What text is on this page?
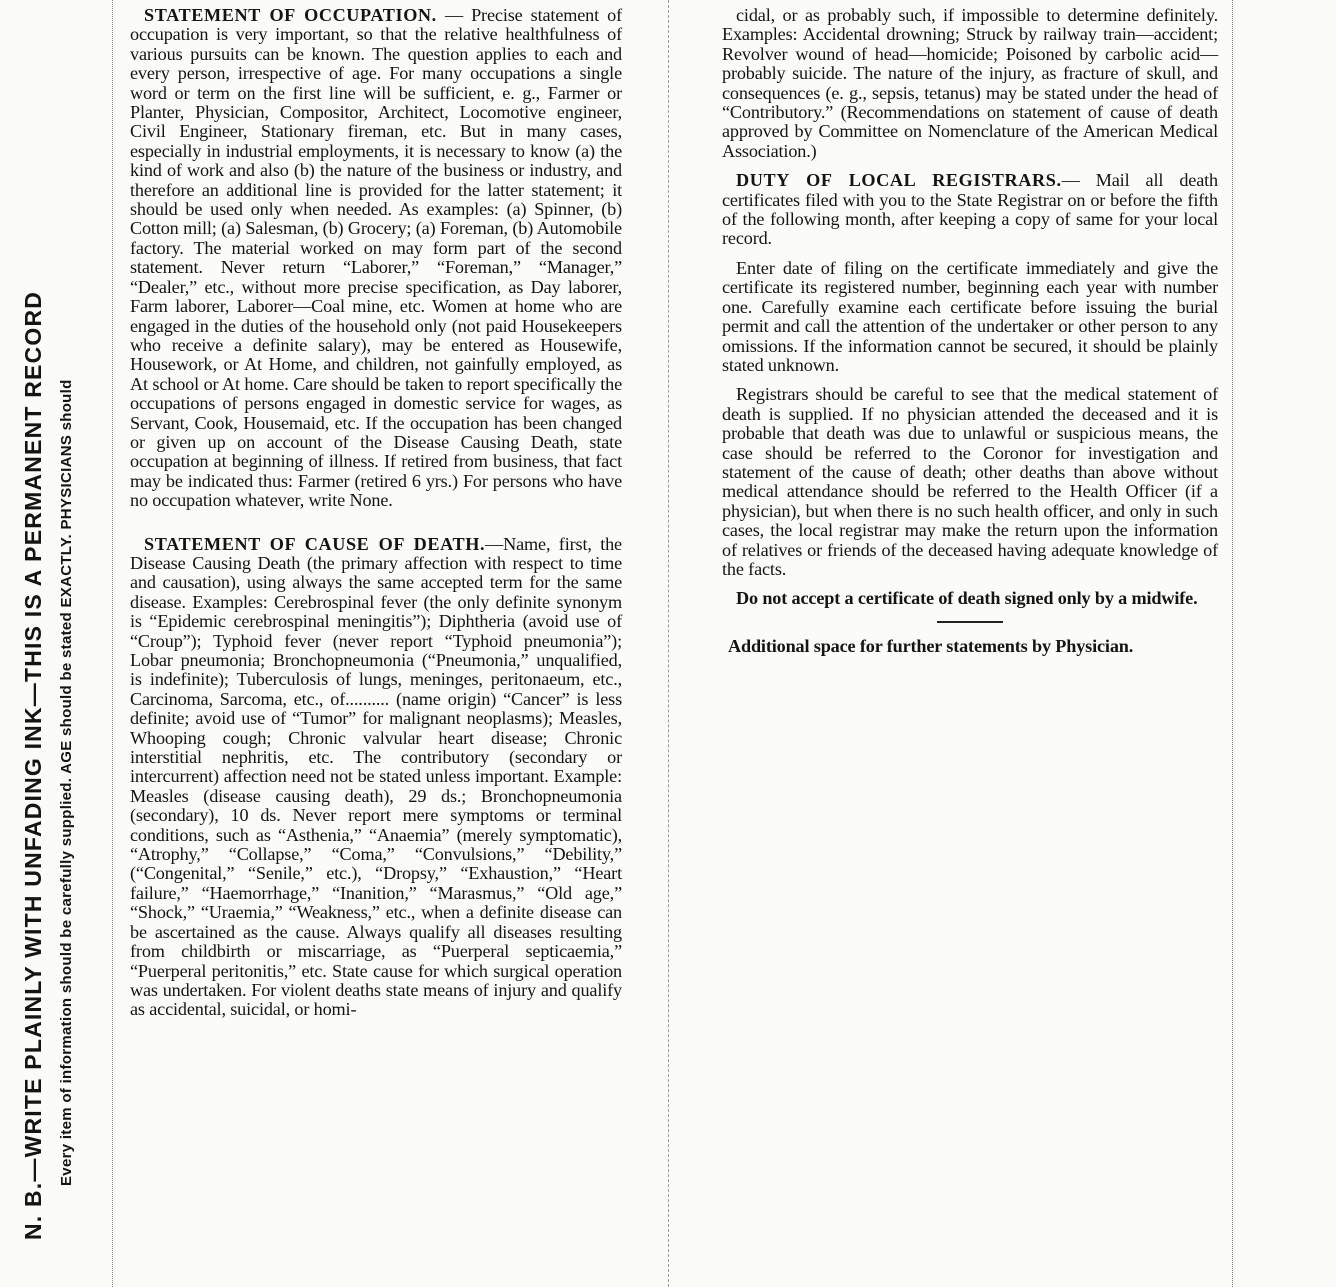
N. B.—WRITE PLAINLY WITH UNFADING INK—THIS IS A PERMANENT RECORD Every item of information should be carefully supplied. AGE should be stated EXACTLY. PHYSICIANS should

STATEMENT OF OCCUPATION. — Precise statement of occupation is very important, so that the relative healthfulness of various pursuits can be known. The question applies to each and every person, irrespective of age. For many occupations a single word or term on the first line will be sufficient, e. g., Farmer or Planter, Physician, Compositor, Architect, Locomotive engineer, Civil Engineer, Stationary fireman, etc. But in many cases, especially in industrial employments, it is necessary to know (a) the kind of work and also (b) the nature of the business or industry, and therefore an additional line is provided for the latter statement; it should be used only when needed. As examples: (a) Spinner, (b) Cotton mill; (a) Salesman, (b) Grocery; (a) Foreman, (b) Automobile factory. The material worked on may form part of the second statement. Never return “Laborer,” “Foreman,” “Manager,” “Dealer,” etc., without more precise specification, as Day laborer, Farm laborer, Laborer—Coal mine, etc. Women at home who are engaged in the duties of the household only (not paid Housekeepers who receive a definite salary), may be entered as Housewife, Housework, or At Home, and children, not gainfully employed, as At school or At home. Care should be taken to report specifically the occupations of persons engaged in domestic service for wages, as Servant, Cook, Housemaid, etc. If the occupation has been changed or given up on account of the Disease Causing Death, state occupation at beginning of illness. If retired from business, that fact may be indicated thus: Farmer (retired 6 yrs.) For persons who have no occupation whatever, write None.

STATEMENT OF CAUSE OF DEATH.—Name, first, the Disease Causing Death (the primary affection with respect to time and causation), using always the same accepted term for the same disease. Examples: Cerebrospinal fever (the only definite synonym is “Epidemic cerebrospinal meningitis”); Diphtheria (avoid use of “Croup”); Typhoid fever (never report “Typhoid pneumonia”); Lobar pneumonia; Bronchopneumonia (“Pneumonia,” unqualified, is indefinite); Tuberculosis of lungs, meninges, peritonaeum, etc., Carcinoma, Sarcoma, etc., of.......... (name origin) “Cancer” is less definite; avoid use of “Tumor” for malignant neoplasms); Measles, Whooping cough; Chronic valvular heart disease; Chronic interstitial nephritis, etc. The contributory (secondary or intercurrent) affection need not be stated unless important. Example: Measles (disease causing death), 29 ds.; Bronchopneumonia (secondary), 10 ds. Never report mere symptoms or terminal conditions, such as “Asthenia,” “Anaemia” (merely symptomatic), “Atrophy,” “Collapse,” “Coma,” “Convulsions,” “Debility,” (“Congenital,” “Senile,” etc.), “Dropsy,” “Exhaustion,” “Heart failure,” “Haemorrhage,” “Inanition,” “Marasmus,” “Old age,” “Shock,” “Uraemia,” “Weakness,” etc., when a definite disease can be ascertained as the cause. Always qualify all diseases resulting from childbirth or miscarriage, as “Puerperal septicaemia,” “Puerperal peritonitis,” etc. State cause for which surgical operation was undertaken. For violent deaths state means of injury and qualify as accidental, suicidal, or homi-

cidal, or as probably such, if impossible to determine definitely. Examples: Accidental drowning; Struck by railway train—accident; Revolver wound of head—homicide; Poisoned by carbolic acid—probably suicide. The nature of the injury, as fracture of skull, and consequences (e. g., sepsis, tetanus) may be stated under the head of “Contributory.” (Recommendations on statement of cause of death approved by Committee on Nomenclature of the American Medical Association.)

DUTY OF LOCAL REGISTRARS.— Mail all death certificates filed with you to the State Registrar on or before the fifth of the following month, after keeping a copy of same for your local record.

Enter date of filing on the certificate immediately and give the certificate its registered number, beginning each year with number one. Carefully examine each certificate before issuing the burial permit and call the attention of the undertaker or other person to any omissions. If the information cannot be secured, it should be plainly stated unknown.

Registrars should be careful to see that the medical statement of death is supplied. If no physician attended the deceased and it is probable that death was due to unlawful or suspicious means, the case should be referred to the Coronor for investigation and statement of the cause of death; other deaths than above without medical attendance should be referred to the Health Officer (if a physician), but when there is no such health officer, and only in such cases, the local registrar may make the return upon the information of relatives or friends of the deceased having adequate knowledge of the facts.

Do not accept a certificate of death signed only by a midwife.

Additional space for further statements by Physician.
